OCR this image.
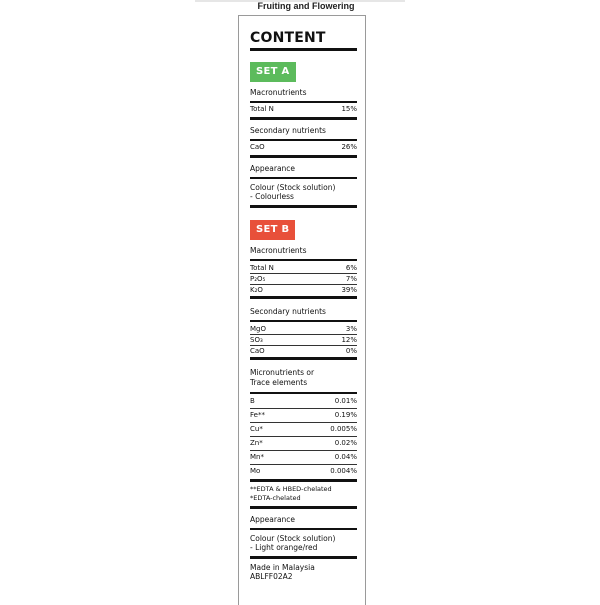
Fruiting and Flowering
CONTENT
SET A
Macronutrients
Total N	15%
Secondary nutrients
CaO	26%
Appearance
Colour (Stock solution)
- Colourless
SET B
Macronutrients
Total N	6%
P₂O₅	7%
K₂O	39%
Secondary nutrients
MgO	3%
SO₃	12%
CaO	0%
Micronutrients or
Trace elements
B	0.01%
Fe**	0.19%
Cu*	0.005%
Zn*	0.02%
Mn*	0.04%
Mo	0.004%
**EDTA & HBED-chelated
*EDTA-chelated
Appearance
Colour (Stock solution)
- Light orange/red
Made in Malaysia
ABLFF02A2
